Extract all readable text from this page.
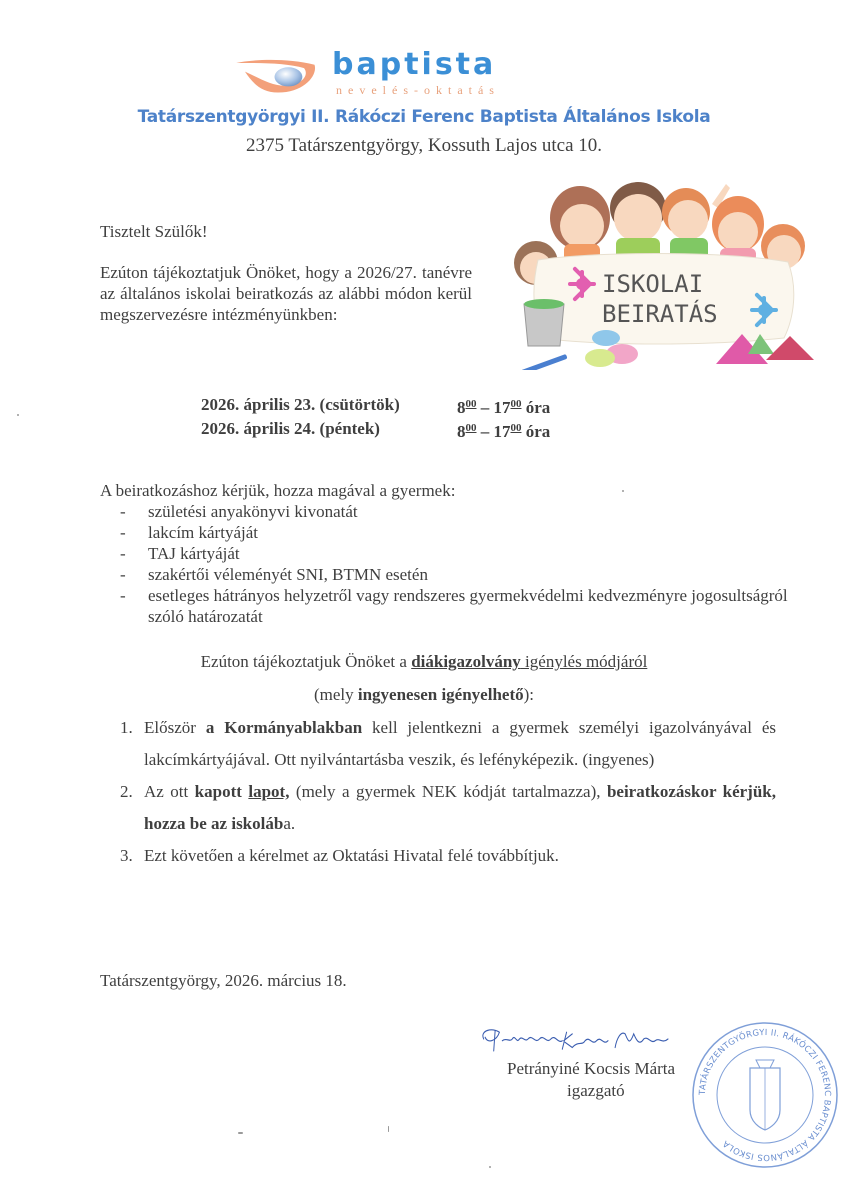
baptista
nevelés-oktatás
Tatárszentgyörgyi II. Rákóczi Ferenc Baptista Általános Iskola
2375 Tatárszentgyörgy, Kossuth Lajos utca 10.
ISKOLAI
BEIRATÁS
Tisztelt Szülők!
Ezúton tájékoztatjuk Önöket, hogy a 2026/27. tanévre az általános iskolai beiratkozás az alábbi módon kerül megszervezésre intézményünkben:
2026. április 23. (csütörtök)	$8^{00} - 17^{00}$ óra
2026. április 24. (péntek)	$8^{00} - 17^{00}$ óra
A beiratkozáshoz kérjük, hozza magával a gyermek:
-	születési anyakönyvi kivonatát
-	lakcím kártyáját
-	TAJ kártyáját
-	szakértői véleményét SNI, BTMN esetén
-	esetleges hátrányos helyzetről vagy rendszeres gyermekvédelmi kedvezményre jogosultságról szóló határozatát
Ezúton tájékoztatjuk Önöket a diákigazolvány igénylés módjáról
(mely ingyenesen igényelhető):
1. Először a Kormányablakban kell jelentkezni a gyermek személyi igazolványával és lakcímkártyájával. Ott nyilvántartásba veszik, és lefényképezik. (ingyenes)
2. Az ott kapott lapot, (mely a gyermek NEK kódját tartalmazza), beiratkozáskor kérjük, hozza be az iskolába.
3. Ezt követően a kérelmet az Oktatási Hivatal felé továbbítjuk.
Tatárszentgyörgy, 2026. március 18.
TATÁRSZENTGYÖRGYI II. RÁKÓCZI FERENC BAPTISTA ÁLTALÁNOS ISKOLA
Petrányiné Kocsis Márta
igazgató
